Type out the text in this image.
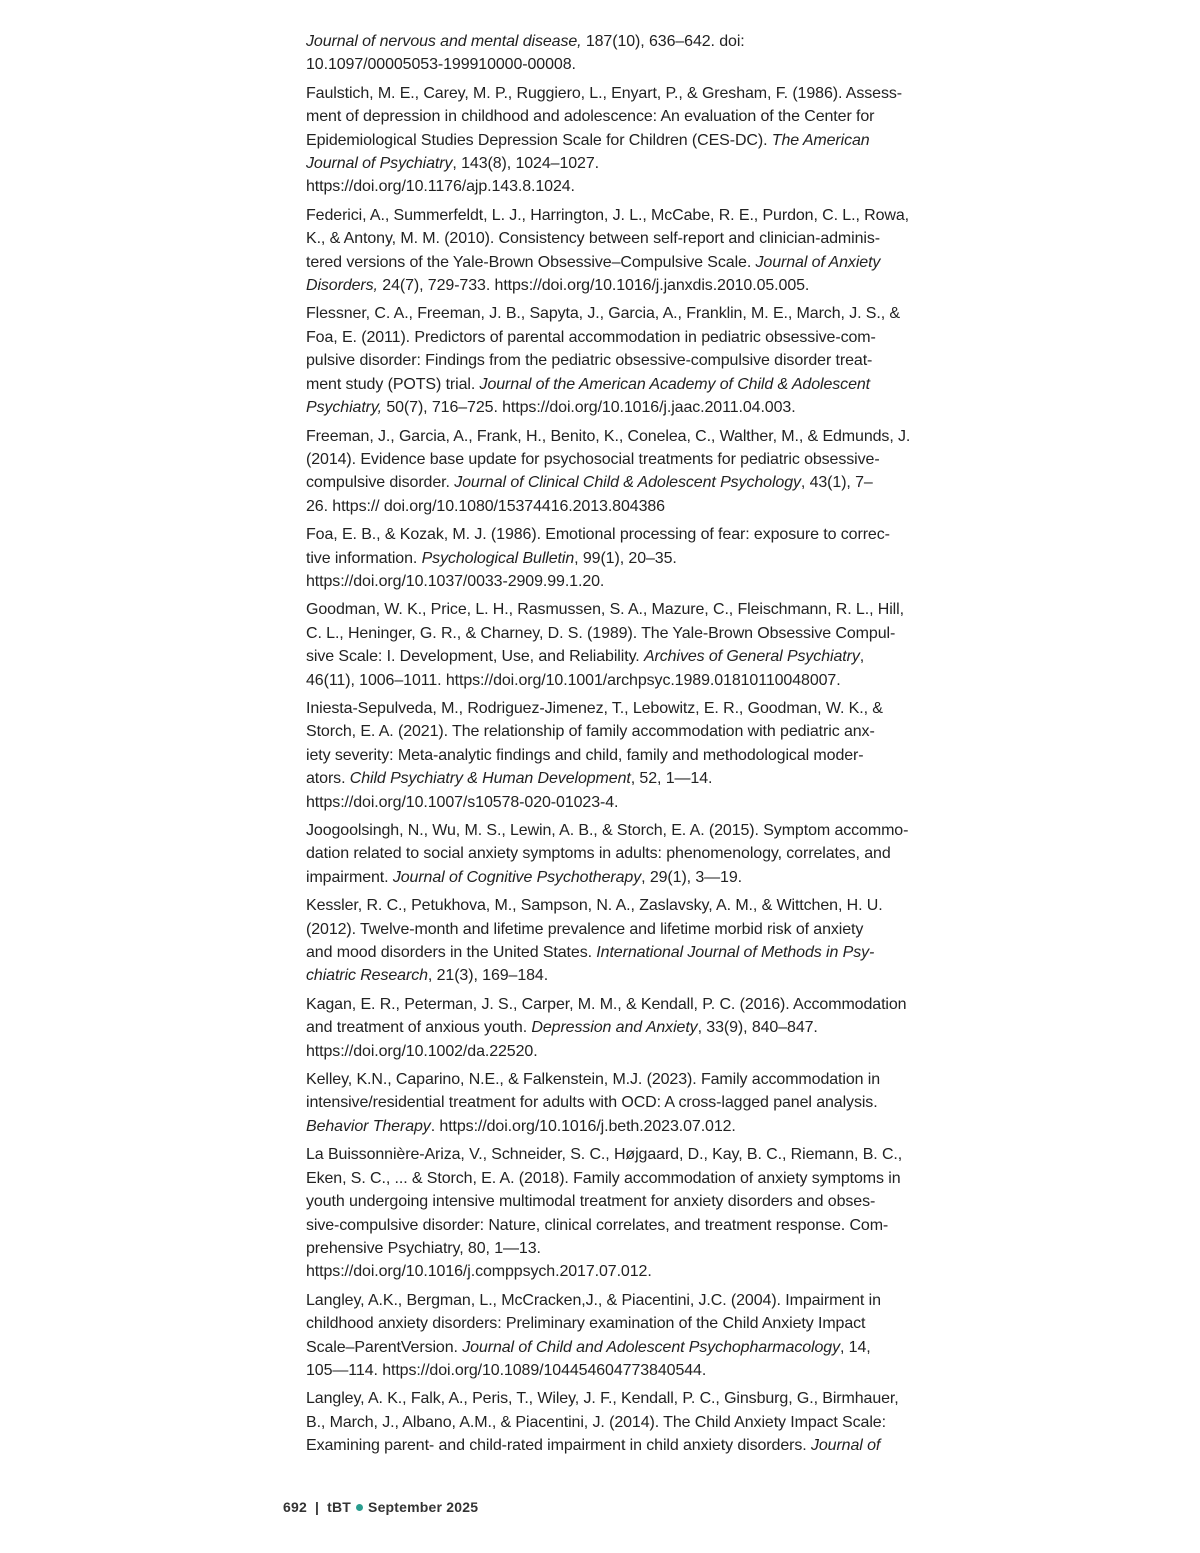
Journal of nervous and mental disease, 187(10), 636–642. doi:
10.1097/00005053-199910000-00008.
Faulstich, M. E., Carey, M. P., Ruggiero, L., Enyart, P., & Gresham, F. (1986). Assess-
ment of depression in childhood and adolescence: An evaluation of the Center for
Epidemiological Studies Depression Scale for Children (CES-DC). The American
Journal of Psychiatry, 143(8), 1024–1027.
https://doi.org/10.1176/ajp.143.8.1024.
Federici, A., Summerfeldt, L. J., Harrington, J. L., McCabe, R. E., Purdon, C. L., Rowa,
K., & Antony, M. M. (2010). Consistency between self-report and clinician-adminis-
tered versions of the Yale-Brown Obsessive–Compulsive Scale. Journal of Anxiety
Disorders, 24(7), 729-733. https://doi.org/10.1016/j.janxdis.2010.05.005.
Flessner, C. A., Freeman, J. B., Sapyta, J., Garcia, A., Franklin, M. E., March, J. S., &
Foa, E. (2011). Predictors of parental accommodation in pediatric obsessive-com-
pulsive disorder: Findings from the pediatric obsessive-compulsive disorder treat-
ment study (POTS) trial. Journal of the American Academy of Child & Adolescent
Psychiatry, 50(7), 716–725. https://doi.org/10.1016/j.jaac.2011.04.003.
Freeman, J., Garcia, A., Frank, H., Benito, K., Conelea, C., Walther, M., & Edmunds, J.
(2014). Evidence base update for psychosocial treatments for pediatric obsessive-
compulsive disorder. Journal of Clinical Child & Adolescent Psychology, 43(1), 7–
26. https:// doi.org/10.1080/15374416.2013.804386
Foa, E. B., & Kozak, M. J. (1986). Emotional processing of fear: exposure to correc-
tive information. Psychological Bulletin, 99(1), 20–35.
https://doi.org/10.1037/0033-2909.99.1.20.
Goodman, W. K., Price, L. H., Rasmussen, S. A., Mazure, C., Fleischmann, R. L., Hill,
C. L., Heninger, G. R., & Charney, D. S. (1989). The Yale-Brown Obsessive Compul-
sive Scale: I. Development, Use, and Reliability. Archives of General Psychiatry,
46(11), 1006–1011. https://doi.org/10.1001/archpsyc.1989.01810110048007.
Iniesta-Sepulveda, M., Rodriguez-Jimenez, T., Lebowitz, E. R., Goodman, W. K., &
Storch, E. A. (2021). The relationship of family accommodation with pediatric anx-
iety severity: Meta-analytic findings and child, family and methodological moder-
ators. Child Psychiatry & Human Development, 52, 1—14.
https://doi.org/10.1007/s10578-020-01023-4.
Joogoolsingh, N., Wu, M. S., Lewin, A. B., & Storch, E. A. (2015). Symptom accommo-
dation related to social anxiety symptoms in adults: phenomenology, correlates, and
impairment. Journal of Cognitive Psychotherapy, 29(1), 3—19.
Kessler, R. C., Petukhova, M., Sampson, N. A., Zaslavsky, A. M., & Wittchen, H. U.
(2012). Twelve‐month and lifetime prevalence and lifetime morbid risk of anxiety
and mood disorders in the United States. International Journal of Methods in Psy-
chiatric Research, 21(3), 169–184.
Kagan, E. R., Peterman, J. S., Carper, M. M., & Kendall, P. C. (2016). Accommodation
and treatment of anxious youth. Depression and Anxiety, 33(9), 840–847.
https://doi.org/10.1002/da.22520.
Kelley, K.N., Caparino, N.E., & Falkenstein, M.J. (2023). Family accommodation in
intensive/residential treatment for adults with OCD: A cross-lagged panel analysis.
Behavior Therapy. https://doi.org/10.1016/j.beth.2023.07.012.
La Buissonnière-Ariza, V., Schneider, S. C., Højgaard, D., Kay, B. C., Riemann, B. C.,
Eken, S. C., ... & Storch, E. A. (2018). Family accommodation of anxiety symptoms in
youth undergoing intensive multimodal treatment for anxiety disorders and obses-
sive-compulsive disorder: Nature, clinical correlates, and treatment response. Com-
prehensive Psychiatry, 80, 1—13.
https://doi.org/10.1016/j.comppsych.2017.07.012.
Langley, A.K., Bergman, L., McCracken,J., & Piacentini, J.C. (2004). Impairment in
childhood anxiety disorders: Preliminary examination of the Child Anxiety Impact
Scale–ParentVersion. Journal of Child and Adolescent Psychopharmacology, 14,
105—114. https://doi.org/10.1089/104454604773840544.
Langley, A. K., Falk, A., Peris, T., Wiley, J. F., Kendall, P. C., Ginsburg, G., Birmhauer,
B., March, J., Albano, A.M., & Piacentini, J. (2014). The Child Anxiety Impact Scale:
Examining parent- and child-rated impairment in child anxiety disorders. Journal of
692 | tBT September 2025
